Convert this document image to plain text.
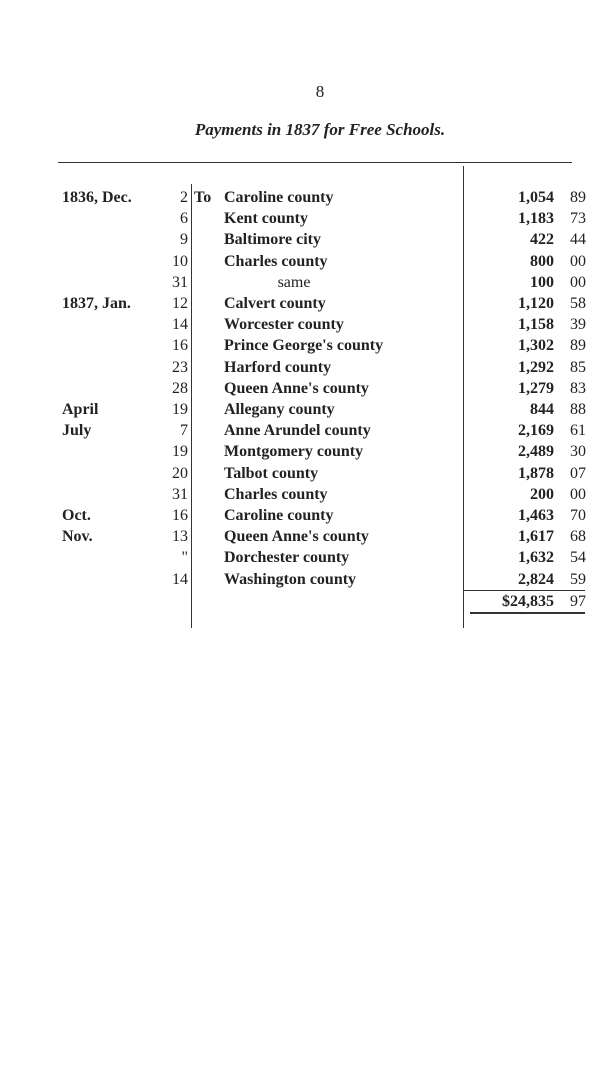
8
Payments in 1837 for Free Schools.
1836, Dec.	2 To Caroline county	1,054	89
6 Kent county	1,183	73
9 Baltimore city	422	44
10 Charles county	800	00
31	same	100	00
1837, Jan.	12 Calvert county	1,120	58
14 Worcester county	1,158	39
16 Prince George's county	1,302	89
23 Harford county	1,292	85
28 Queen Anne's county	1,279	83
April	19 Allegany county	844	88
July	7 Anne Arundel county	2,169	61
19 Montgomery county	2,489	30
20 Talbot county	1,878	07
31 Charles county	200	00
Oct.	16 Caroline county	1,463	70
Nov.	13 Queen Anne's county	1,617	68
" Dorchester county	1,632	54
14 Washington county	2,824	59
$24,835	97
